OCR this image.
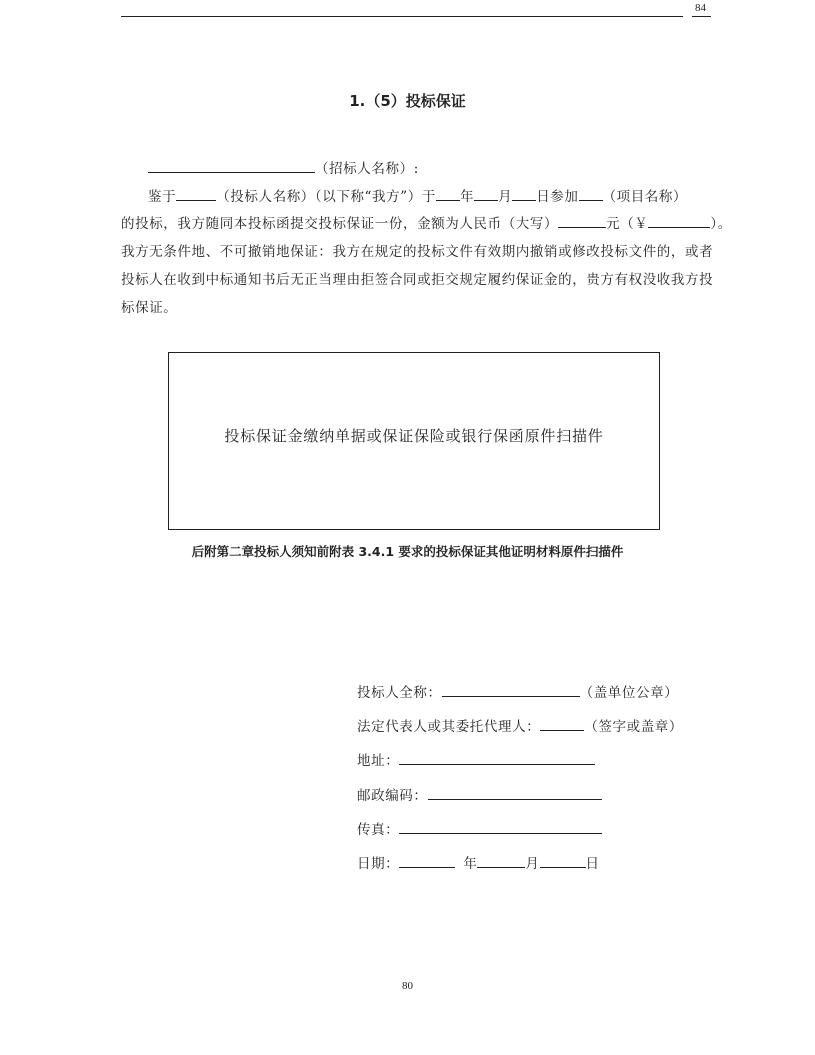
84
1.（5）投标保证
（招标人名称）:
鉴于	（投标人名称）（以下称“我方”）于 年 月 日参加 （项目名称）
的投标，我方随同本投标函提交投标保证一份，金额为人民币（大写）	元（￥	）。
我方无条件地、不可撤销地保证：我方在规定的投标文件有效期内撤销或修改投标文件的，或者
投标人在收到中标通知书后无正当理由拒签合同或拒交规定履约保证金的，贵方有权没收我方投
标保证。
投标保证金缴纳单据或保证保险或银行保函原件扫描件
后附第二章投标人须知前附表 3.4.1 要求的投标保证其他证明材料原件扫描件
投标人全称：	（盖单位公章）
法定代表人或其委托代理人：	（签字或盖章）
地址：
邮政编码：
传真：
日期：	年	月	日
80
